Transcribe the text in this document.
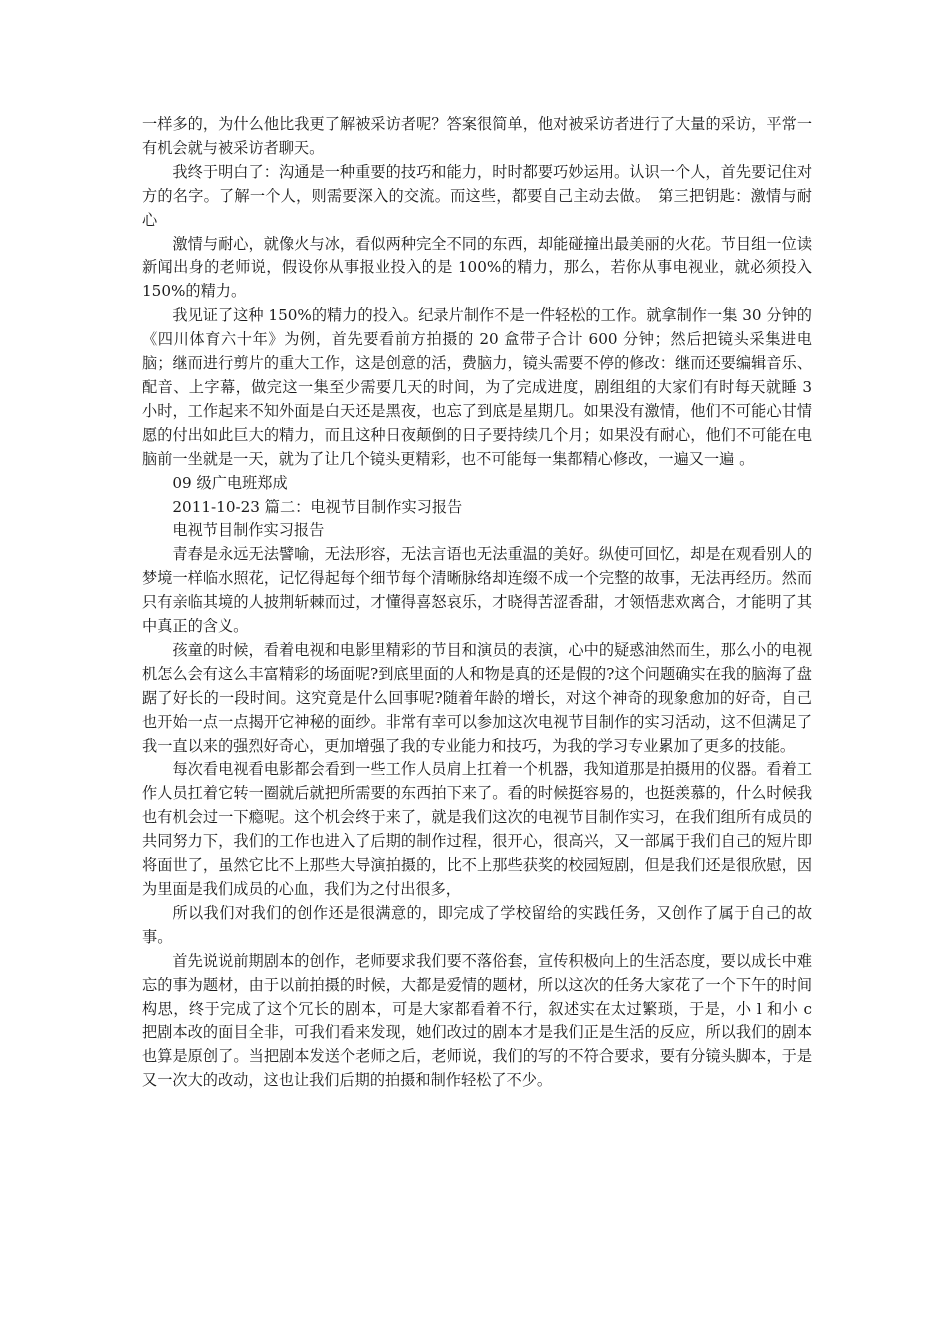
一样多的，为什么他比我更了解被采访者呢？答案很简单，他对被采访者进行了大量的采访，平常一有机会就与被采访者聊天。

我终于明白了：沟通是一种重要的技巧和能力，时时都要巧妙运用。认识一个人，首先要记住对方的名字。了解一个人，则需要深入的交流。而这些，都要自己主动去做。　第三把钥匙：激情与耐心

激情与耐心，就像火与冰，看似两种完全不同的东西，却能碰撞出最美丽的火花。节目组一位读新闻出身的老师说，假设你从事报业投入的是 100%的精力，那么，若你从事电视业，就必须投入 150%的精力。

我见证了这种 150%的精力的投入。纪录片制作不是一件轻松的工作。就拿制作一集 30 分钟的《四川体育六十年》为例，首先要看前方拍摄的 20 盒带子合计 600 分钟；然后把镜头采集进电脑；继而进行剪片的重大工作，这是创意的活，费脑力，镜头需要不停的修改：继而还要编辑音乐、配音、上字幕，做完这一集至少需要几天的时间，为了完成进度，剧组组的大家们有时每天就睡 3 小时，工作起来不知外面是白天还是黑夜，也忘了到底是星期几。如果没有激情，他们不可能心甘情愿的付出如此巨大的精力，而且这种日夜颠倒的日子要持续几个月；如果没有耐心，他们不可能在电脑前一坐就是一天，就为了让几个镜头更精彩，也不可能每一集都精心修改，一遍又一遍 。

09 级广电班郑成

2011-10-23 篇二：电视节目制作实习报告

电视节目制作实习报告

青春是永远无法譬喻，无法形容，无法言语也无法重温的美好。纵使可回忆，却是在观看别人的梦境一样临水照花，记忆得起每个细节每个清晰脉络却连缀不成一个完整的故事，无法再经历。然而只有亲临其境的人披荆斩棘而过，才懂得喜怒哀乐，才晓得苦涩香甜，才领悟悲欢离合，才能明了其中真正的含义。

孩童的时候，看着电视和电影里精彩的节目和演员的表演，心中的疑惑油然而生，那么小的电视机怎么会有这么丰富精彩的场面呢?到底里面的人和物是真的还是假的?这个问题确实在我的脑海了盘踞了好长的一段时间。这究竟是什么回事呢?随着年龄的增长，对这个神奇的现象愈加的好奇，自己也开始一点一点揭开它神秘的面纱。非常有幸可以参加这次电视节目制作的实习活动，这不但满足了我一直以来的强烈好奇心，更加增强了我的专业能力和技巧，为我的学习专业累加了更多的技能。

每次看电视看电影都会看到一些工作人员肩上扛着一个机器，我知道那是拍摄用的仪器。看着工作人员扛着它转一圈就后就把所需要的东西拍下来了。看的时候挺容易的，也挺羡慕的，什么时候我也有机会过一下瘾呢。这个机会终于来了，就是我们这次的电视节目制作实习，在我们组所有成员的共同努力下，我们的工作也进入了后期的制作过程，很开心，很高兴，又一部属于我们自己的短片即将面世了，虽然它比不上那些大导演拍摄的，比不上那些获奖的校园短剧，但是我们还是很欣慰，因为里面是我们成员的心血，我们为之付出很多，

所以我们对我们的创作还是很满意的，即完成了学校留给的实践任务，又创作了属于自己的故事。

首先说说前期剧本的创作，老师要求我们要不落俗套，宣传积极向上的生活态度，要以成长中难忘的事为题材，由于以前拍摄的时候，大都是爱情的题材，所以这次的任务大家花了一个下午的时间构思，终于完成了这个冗长的剧本，可是大家都看着不行，叙述实在太过繁琐，于是，小 l 和小 c 把剧本改的面目全非，可我们看来发现，她们改过的剧本才是我们正是生活的反应，所以我们的剧本也算是原创了。当把剧本发送个老师之后，老师说，我们的写的不符合要求，要有分镜头脚本，于是又一次大的改动，这也让我们后期的拍摄和制作轻松了不少。
